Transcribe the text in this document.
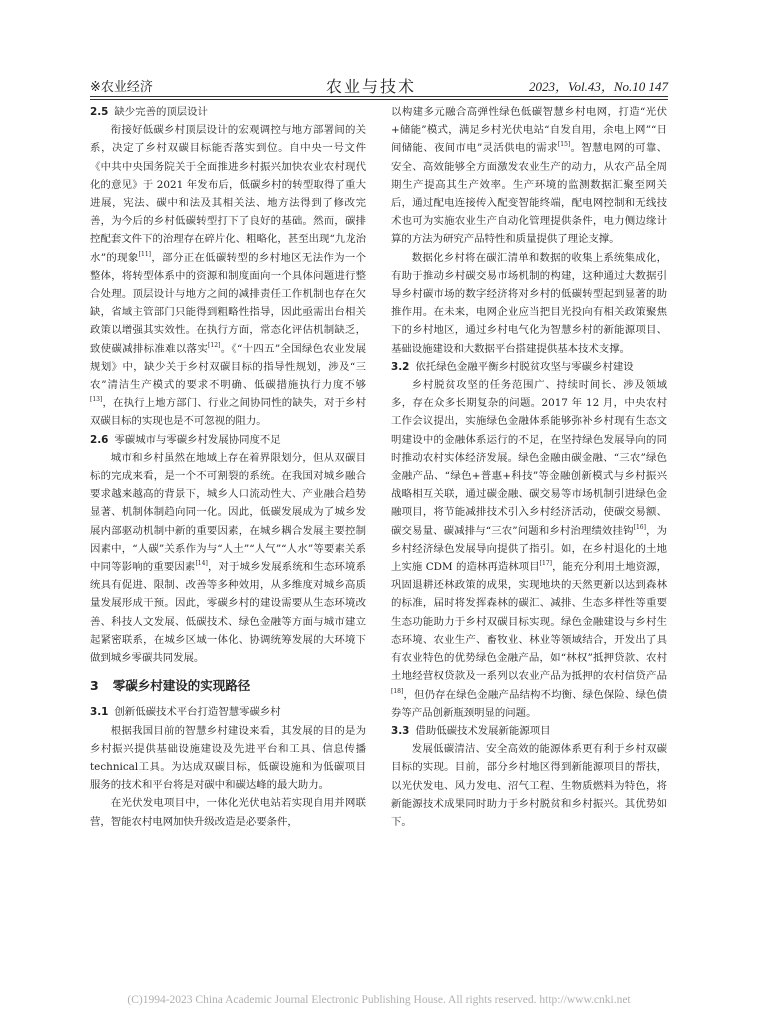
※农业经济	农业与技术	2023，Vol.43，No.10 147

2.5 缺少完善的顶层设计

衔接好低碳乡村顶层设计的宏观调控与地方部署间的关系，决定了乡村双碳目标能否落实到位。自中央一号文件《中共中央国务院关于全面推进乡村振兴加快农业农村现代化的意见》于 2021 年发布后，低碳乡村的转型取得了重大进展，宪法、碳中和法及其相关法、地方法得到了修改完善，为今后的乡村低碳转型打下了良好的基础。然而，碳排控配套文件下的治理存在碎片化、粗略化，甚至出现“九龙治水”的现象[11]，部分正在低碳转型的乡村地区无法作为一个整体，将转型体系中的资源和制度面向一个具体问题进行整合处理。顶层设计与地方之间的减排责任工作机制也存在欠缺，省域主管部门只能得到粗略性指导，因此亟需出台相关政策以增强其实效性。在执行方面，常态化评估机制缺乏，致使碳减排标准难以落实[12]。《“十四五”全国绿色农业发展规划》中，缺少关于乡村双碳目标的指导性规划，涉及“三农”清洁生产模式的要求不明确、低碳措施执行力度不够[13]，在执行上地方部门、行业之间协同性的缺失，对于乡村双碳目标的实现也是不可忽视的阻力。

2.6 零碳城市与零碳乡村发展协同度不足

城市和乡村虽然在地域上存在着界限划分，但从双碳目标的完成来看，是一个不可割裂的系统。在我国对城乡融合要求越来越高的背景下，城乡人口流动性大、产业融合趋势显著、机制体制趋向同一化。因此，低碳发展成为了城乡发展内部驱动机制中新的重要因素，在城乡耦合发展主要控制因素中，“人碳”关系作为与“人土”“人气”“人水”等要素关系中同等影响的重要因素[14]，对于城乡发展系统和生态环境系统具有促进、限制、改善等多种效用，从多维度对城乡高质量发展形成干预。因此，零碳乡村的建设需要从生态环境改善、科技人文发展、低碳技术、绿色金融等方面与城市建立起紧密联系，在城乡区域一体化、协调统筹发展的大环境下做到城乡零碳共同发展。

3 零碳乡村建设的实现路径

3.1 创新低碳技术平台打造智慧零碳乡村

根据我国目前的智慧乡村建设来看，其发展的目的是为乡村振兴提供基础设施建设及先进平台和工具、信息传播technical工具。为达成双碳目标，低碳设施和为低碳项目服务的技术和平台将是对碳中和碳达峰的最大助力。

在光伏发电项目中，一体化光伏电站若实现自用并网联营，智能农村电网加快升级改造是必要条件，

以构建多元融合高弹性绿色低碳智慧乡村电网，打造“光伏+储能”模式，满足乡村光伏电站“自发自用，余电上网”“日间储能、夜间市电”灵活供电的需求[15]。智慧电网的可靠、安全、高效能够全方面激发农业生产的动力，从农产品全周期生产提高其生产效率。生产环境的监测数据汇聚至网关后，通过配电连接传入配变智能终端，配电网控制和无线技术也可为实施农业生产自动化管理提供条件，电力侧边缘计算的方法为研究产品特性和质量提供了理论支撑。

数据化乡村将在碳汇清单和数据的收集上系统集成化，有助于推动乡村碳交易市场机制的构建，这种通过大数据引导乡村碳市场的数字经济将对乡村的低碳转型起到显著的助推作用。在未来，电网企业应当把目光投向有相关政策聚焦下的乡村地区，通过乡村电气化为智慧乡村的新能源项目、基础设施建设和大数据平台搭建提供基本技术支撑。

3.2 依托绿色金融平衡乡村脱贫攻坚与零碳乡村建设

乡村脱贫攻坚的任务范围广、持续时间长、涉及领域多，存在众多长期复杂的问题。2017 年 12 月，中央农村工作会议提出，实施绿色金融体系能够弥补乡村现有生态文明建设中的金融体系运行的不足，在坚持绿色发展导向的同时推动农村实体经济发展。绿色金融由碳金融、“三农”绿色金融产品、“绿色+普惠+科技”等金融创新模式与乡村振兴战略相互关联，通过碳金融、碳交易等市场机制引进绿色金融项目，将节能减排技术引入乡村经济活动，使碳交易额、碳交易量、碳减排与“三农”问题和乡村治理绩效挂钩[16]，为乡村经济绿色发展导向提供了指引。如，在乡村退化的土地上实施 CDM 的造林再造林项目[17]，能充分利用土地资源，巩固退耕还林政策的成果，实现地块的天然更新以达到森林的标准，届时将发挥森林的碳汇、减排、生态多样性等重要生态功能助力于乡村双碳目标实现。绿色金融建设与乡村生态环境、农业生产、畜牧业、林业等领域结合，开发出了具有农业特色的优势绿色金融产品，如“林权”抵押贷款、农村土地经营权贷款及一系列以农业产品为抵押的农村信贷产品[18]，但仍存在绿色金融产品结构不均衡、绿色保险、绿色债券等产品创新瓶颈明显的问题。

3.3 借助低碳技术发展新能源项目

发展低碳清洁、安全高效的能源体系更有利于乡村双碳目标的实现。目前，部分乡村地区得到新能源项目的帮扶，以光伏发电、风力发电、沼气工程、生物质燃料为特色，将新能源技术成果同时助力于乡村脱贫和乡村振兴。其优势如下。

(C)1994-2023 China Academic Journal Electronic Publishing House. All rights reserved. http://www.cnki.net
